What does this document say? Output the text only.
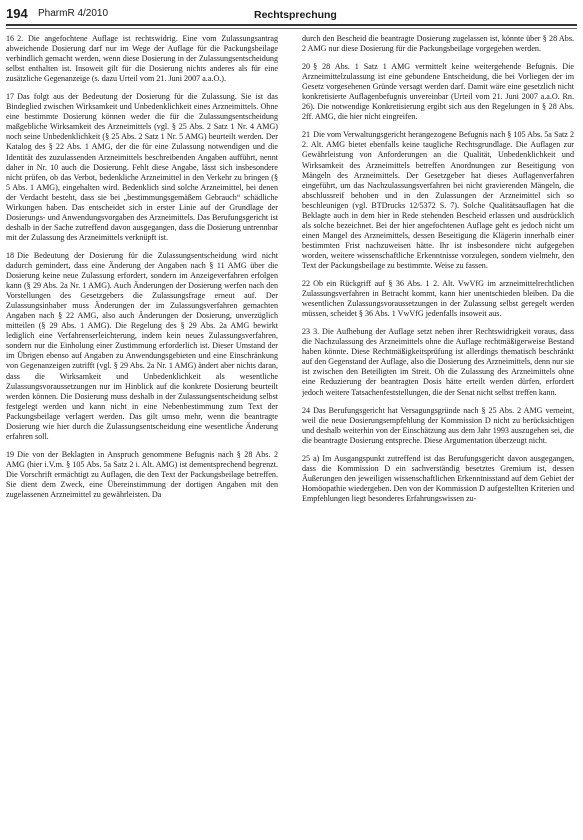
194 PharmR 4/2010	Rechtsprechung

16 2. Die angefochtene Auflage ist rechtswidrig. Eine vom Zulassungsantrag abweichende Dosierung darf nur im Wege der Auflage für die Packungsbeilage verbindlich gemacht werden, wenn diese Dosierung in der Zulassungsentscheidung selbst enthalten ist. Insoweit gilt für die Dosierung nichts anderes als für eine zusätzliche Gegenanzeige (s. dazu Urteil vom 21. Juni 2007 a.a.O.).

17 Das folgt aus der Bedeutung der Dosierung für die Zulassung. Sie ist das Bindeglied zwischen Wirksamkeit und Unbedenklichkeit eines Arzneimittels. Ohne eine bestimmte Dosierung können weder die für die Zulassungsentscheidung maßgebliche Wirksamkeit des Arzneimittels (vgl. § 25 Abs. 2 Satz 1 Nr. 4 AMG) noch seine Unbedenklichkeit (§ 25 Abs. 2 Satz 1 Nr. 5 AMG) beurteilt werden. Der Katalog des § 22 Abs. 1 AMG, der die für eine Zulassung notwendigen und die Identität des zuzulassenden Arzneimittels beschreibenden Angaben aufführt, nennt daher in Nr. 10 auch die Dosierung. Fehlt diese Angabe, lässt sich insbesondere nicht prüfen, ob das Verbot, bedenkliche Arzneimittel in den Verkehr zu bringen (§ 5 Abs. 1 AMG), eingehalten wird. Bedenklich sind solche Arzneimittel, bei denen der Verdacht besteht, dass sie bei „bestimmungsgemäßem Gebrauch“ schädliche Wirkungen haben. Das entscheidet sich in erster Linie auf der Grundlage der Dosierungs- und Anwendungsvorgaben des Arzneimittels. Das Berufungsgericht ist deshalb in der Sache zutreffend davon ausgegangen, dass die Dosierung untrennbar mit der Zulassung des Arzneimittels verknüpft ist.

18 Die Bedeutung der Dosierung für die Zulassungsentscheidung wird nicht dadurch gemindert, dass eine Änderung der Angaben nach § 11 AMG über die Dosierung keine neue Zulassung erfordert, sondern im Anzeigeverfahren erfolgen kann (§ 29 Abs. 2a Nr. 1 AMG). Auch Änderungen der Dosierung werfen nach den Vorstellungen des Gesetzgebers die Zulassungsfrage erneut auf. Der Zulassungsinhaber muss Änderungen der im Zulassungsverfahren gemachten Angaben nach § 22 AMG, also auch Änderungen der Dosierung, unverzüglich mitteilen (§ 29 Abs. 1 AMG). Die Regelung des § 29 Abs. 2a AMG bewirkt lediglich eine Verfahrenserleichterung, indem kein neues Zulassungsverfahren, sondern nur die Einholung einer Zustimmung erforderlich ist. Dieser Umstand der im Übrigen ebenso auf Angaben zu Anwendungsgebieten und eine Einschränkung von Gegenanzeigen zutrifft (vgl. § 29 Abs. 2a Nr. 1 AMG) ändert aber nichts daran, dass die Wirksamkeit und Unbedenklichkeit als wesentliche Zulassungsvoraussetzungen nur im Hinblick auf die konkrete Dosierung beurteilt werden können. Die Dosierung muss deshalb in der Zulassungsentscheidung selbst festgelegt werden und kann nicht in eine Nebenbestimmung zum Text der Packungsbeilage verlagert werden. Das gilt umso mehr, wenn die beantragte Dosierung wie hier durch die Zulassungsentscheidung eine wesentliche Änderung erfahren soll.

19 Die von der Beklagten in Anspruch genommene Befugnis nach § 28 Abs. 2 AMG (hier i.V.m. § 105 Abs. 5a Satz 2 i. Alt. AMG) ist dementsprechend begrenzt. Die Vorschrift ermächtigt zu Auflagen, die den Text der Packungsbeilage betreffen. Sie dient dem Zweck, eine Übereinstimmung der dortigen Angaben mit den zugelassenen Arzneimittel zu gewährleisten. Da

durch den Bescheid die beantragte Dosierung zugelassen ist, könnte über § 28 Abs. 2 AMG nur diese Dosierung für die Packungsbeilage vorgegeben werden.

20 § 28 Abs. 1 Satz 1 AMG vermittelt keine weitergehende Befugnis. Die Arzneimittelzulassung ist eine gebundene Entscheidung, die bei Vorliegen der im Gesetz vorgesehenen Gründe versagt werden darf. Damit wäre eine gesetzlich nicht konkretisierte Auflagenbefugnis unvereinbar (Urteil vom 21. Juni 2007 a.a.O. Rn. 26). Die notwendige Konkretisierung ergibt sich aus den Regelungen in § 28 Abs. 2ff. AMG, die hier nicht eingreifen.

21 Die vom Verwaltungsgericht herangezogene Befugnis nach § 105 Abs. 5a Satz 2 2. Alt. AMG bietet ebenfalls keine taugliche Rechtsgrundlage. Die Auflagen zur Gewährleistung von Anforderungen an die Qualität, Unbedenklichkeit und Wirksamkeit des Arzneimittels betreffen Anordnungen zur Beseitigung von Mängeln des Arzneimittels. Der Gesetzgeber hat dieses Auflagenverfahren eingeführt, um das Nachzulassungsverfahren bei nicht gravierenden Mängeln, die abschlussreif behoben und in den Zulassungen der Arzneimittel sich so beschleunigen (vgl. BTDrucks 12/5372 S. 7). Solche Qualitätsauflagen hat die Beklagte auch in dem hier in Rede stehenden Bescheid erlassen und ausdrücklich als solche bezeichnet. Bei der hier angefochtenen Auflage geht es jedoch nicht um einen Mangel des Arzneimittels, dessen Beseitigung die Klägerin innerhalb einer bestimmten Frist nachzuweisen hätte. Ihr ist insbesondere nicht aufgegeben worden, weitere wissenschaftliche Erkenntnisse vorzulegen, sondern vielmehr, den Text der Packungsbeilage zu bestimmte. Weise zu fassen.

22 Ob ein Rückgriff auf § 36 Abs. 1 2. Alt. VwVfG im arzneimittelrechtlichen Zulassungsverfahren in Betracht kommt, kann hier unentschieden bleiben. Da die wesentlichen Zulassungsvoraussetzungen in der Zulassung selbst geregelt werden müssen, scheidet § 36 Abs. 1 VwVfG jedenfalls insoweit aus.

23 3. Die Aufhebung der Auflage setzt neben ihrer Rechtswidrigkeit voraus, dass die Nachzulassung des Arzneimittels ohne die Auflage rechtmäßigerweise Bestand haben könnte. Diese Rechtmäßigkeitsprüfung ist allerdings thematisch beschränkt auf den Gegenstand der Auflage, also die Dosierung des Arzneimittels, denn nur sie ist zwischen den Beteiligten im Streit. Ob die Zulassung des Arzneimittels ohne eine Reduzierung der beantragten Dosis hätte erteilt werden dürfen, erfordert jedoch weitere Tatsachenfeststellungen, die der Senat nicht selbst treffen kann.

24 Das Berufungsgericht hat Versagungsgründe nach § 25 Abs. 2 AMG verneint, weil die neue Dosierungsempfehlung der Kommission D nicht zu berücksichtigen und deshalb weiterhin von der Einschätzung aus dem Jahr 1993 auszugehen sei, die die beantragte Dosierung entspreche. Diese Argumentation überzeugt nicht.

25 a) Im Ausgangspunkt zutreffend ist das Berufungsgericht davon ausgegangen, dass die Kommission D ein sachverständig besetztes Gremium ist, dessen Äußerungen den jeweiligen wissenschaftlichen Erkenntnisstand auf dem Gebiet der Homöopathie wiedergeben. Den von der Kommission D aufgestellten Kriterien und Empfehlungen liegt besonderes Erfahrungswissen zu-
